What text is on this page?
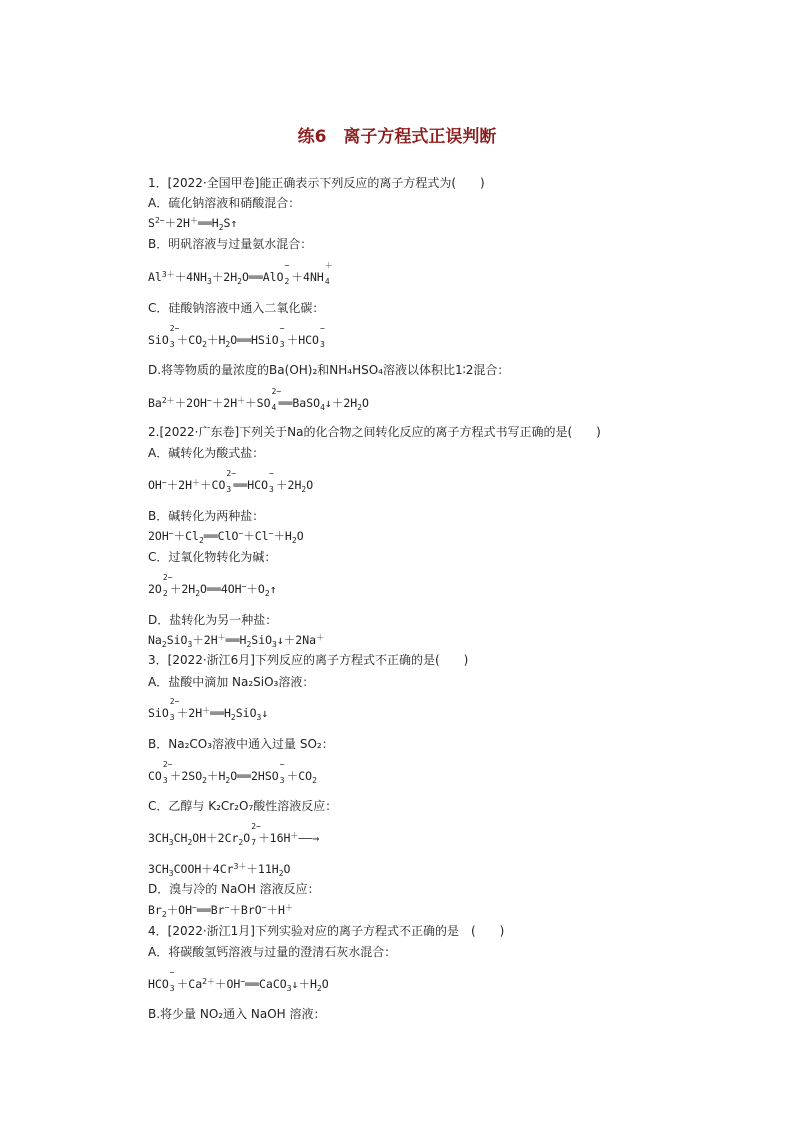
练6　离子方程式正误判断
1．[2022·全国甲卷]能正确表示下列反应的离子方程式为(　　)
A．硫化钠溶液和硝酸混合：
$S^{2-}+2H^+══H_2S↑$
B．明矾溶液与过量氨水混合：
$Al^{3+}+4NH_3+2H_2O══AlO$
−
2 ＋4NH
＋
4
C．硅酸钠溶液中通入二氧化碳：
SiO
2−
$3 +CO_2+H_2O══HSiO$
−
3 ＋HCO
−
3
D.将等物质的量浓度的Ba(OH)₂和NH₄HSO₄溶液以体积比1∶2混合：
$Ba^{2+}+2OH^-+2H^++SO$
2−
4 $══BaSO_4↓+2H_2O$
2.[2022·广东卷]下列关于Na的化合物之间转化反应的离子方程式书写正确的是(　　)
A．碱转化为酸式盐：
OH−＋2H＋＋CO
2−
3 ══HCO
−
$3 +2H_2O$
B．碱转化为两种盐：
$2OH^-+Cl_2══ClO^-+Cl^-+H_2O$
C．过氧化物转化为碱：
2O
2−
$2 +2H_2O══4OH^-+O_2↑$
D．盐转化为另一种盐：
$Na_2SiO_3+2H^+══H_2SiO_3↓+2Na^+$
3．[2022·浙江6月]下列反应的离子方程式不正确的是(　　)
A．盐酸中滴加 Na₂SiO₃溶液：
SiO
2−
$3 +2H^+══H_2SiO_3↓$
B．Na₂CO₃溶液中通入过量 SO₂：
CO
2−
$3 +2SO_2+H_2O══2HSO$
−
$3 +CO_2$
C．乙醇与 K₂Cr₂O₇酸性溶液反应：
$3CH_3CH_2OH+2Cr_2O$
2−
7 ＋16H＋――→
$3CH_3COOH+4Cr^{3+}+11H_2O$
D．溴与冷的 NaOH 溶液反应：
$Br_2+OH^-══Br^-+BrO^-+H^+$
4．[2022·浙江1月]下列实验对应的离子方程式不正确的是　(　　)
A．将碳酸氢钙溶液与过量的澄清石灰水混合：
HCO
−
$3 +Ca^{2+}+OH^-══CaCO_3↓+H_2O$
B.将少量 NO₂通入 NaOH 溶液：
